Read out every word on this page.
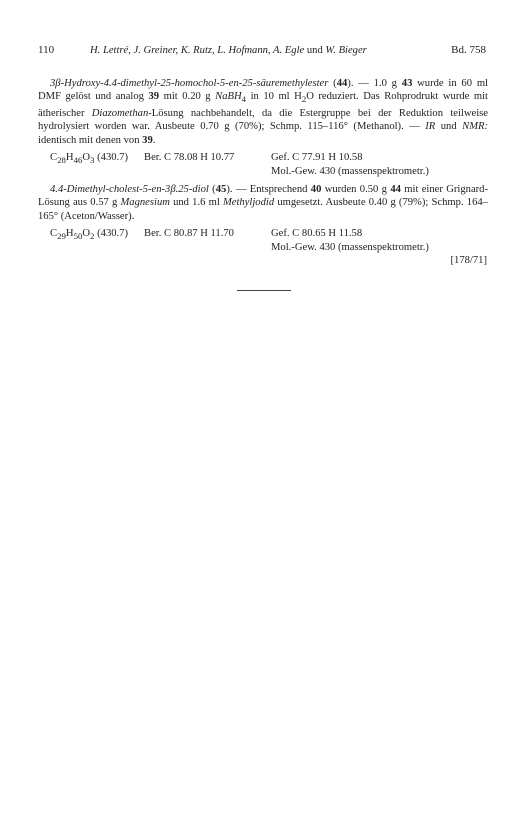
110	H. Lettré, J. Greiner, K. Rutz, L. Hofmann, A. Egle und W. Bieger	Bd. 758

3β-Hydroxy-4.4-dimethyl-25-homochol-5-en-25-säuremethylester (44). — 1.0 g 43 wurde in 60 ml DMF gelöst und analog 39 mit 0.20 g NaBH$_4$ in 10 ml $H_2O$ reduziert. Das Rohprodrukt wurde mit ätherischer Diazomethan-Lösung nachbehandelt, da die Estergruppe bei der Reduktion teilweise hydrolysiert worden war. Ausbeute 0.70 g (70%); Schmp. 115–116° (Methanol). — IR und NMR: identisch mit denen von 39.

$C_{28}H_{46}O_3$ (430.7) Ber. C 78.08 H 10.77	Gef. C 77.91 H 10.58
Mol.-Gew. 430 (massenspektrometr.)

4.4-Dimethyl-cholest-5-en-3β.25-diol (45). — Entsprechend 40 wurden 0.50 g 44 mit einer Grignard-Lösung aus 0.57 g Magnesium und 1.6 ml Methyljodid umgesetzt. Ausbeute 0.40 g (79%); Schmp. 164–165° (Aceton/Wasser).

$C_{29}H_{50}O_2$ (430.7) Ber. C 80.87 H 11.70	Gef. C 80.65 H 11.58
Mol.-Gew. 430 (massenspektrometr.)
[178/71]
